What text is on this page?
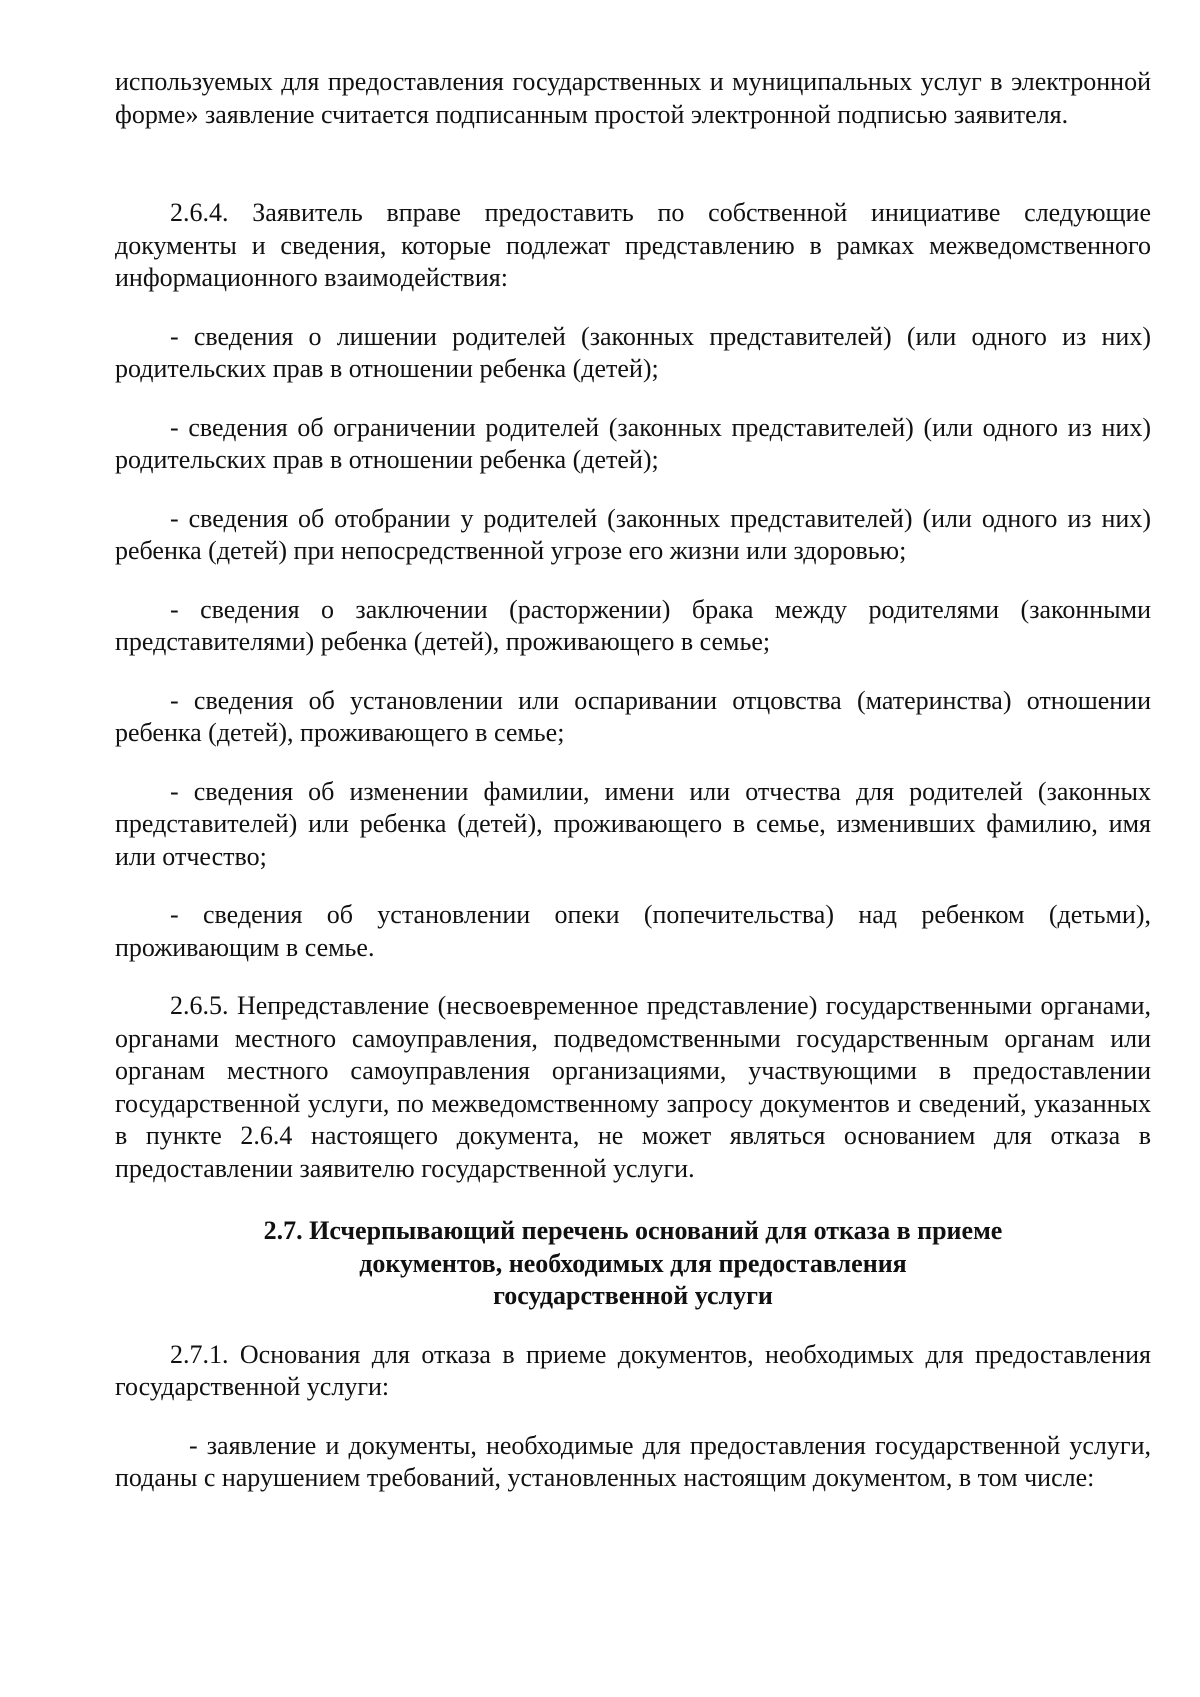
используемых для предоставления государственных и муниципальных услуг в электронной форме» заявление считается подписанным простой электронной подписью заявителя.

2.6.4. Заявитель вправе предоставить по собственной инициативе следующие документы и сведения, которые подлежат представлению в рамках межведомственного информационного взаимодействия:

- сведения о лишении родителей (законных представителей) (или одного из них) родительских прав в отношении ребенка (детей);

- сведения об ограничении родителей (законных представителей) (или одного из них) родительских прав в отношении ребенка (детей);

- сведения об отобрании у родителей (законных представителей) (или одного из них) ребенка (детей) при непосредственной угрозе его жизни или здоровью;

- сведения о заключении (расторжении) брака между родителями (законными представителями) ребенка (детей), проживающего в семье;

- сведения об установлении или оспаривании отцовства (материнства) отношении ребенка (детей), проживающего в семье;

- сведения об изменении фамилии, имени или отчества для родителей (законных представителей) или ребенка (детей), проживающего в семье, изменивших фамилию, имя или отчество;

- сведения об установлении опеки (попечительства) над ребенком (детьми), проживающим в семье.

2.6.5. Непредставление (несвоевременное представление) государственными органами, органами местного самоуправления, подведомственными государственным органам или органам местного самоуправления организациями, участвующими в предоставлении государственной услуги, по межведомственному запросу документов и сведений, указанных в пункте 2.6.4 настоящего документа, не может являться основанием для отказа в предоставлении заявителю государственной услуги.

2.7. Исчерпывающий перечень оснований для отказа в приеме
документов, необходимых для предоставления
государственной услуги

2.7.1. Основания для отказа в приеме документов, необходимых для предоставления государственной услуги:

- заявление и документы, необходимые для предоставления государственной услуги, поданы с нарушением требований, установленных настоящим документом, в том числе:
